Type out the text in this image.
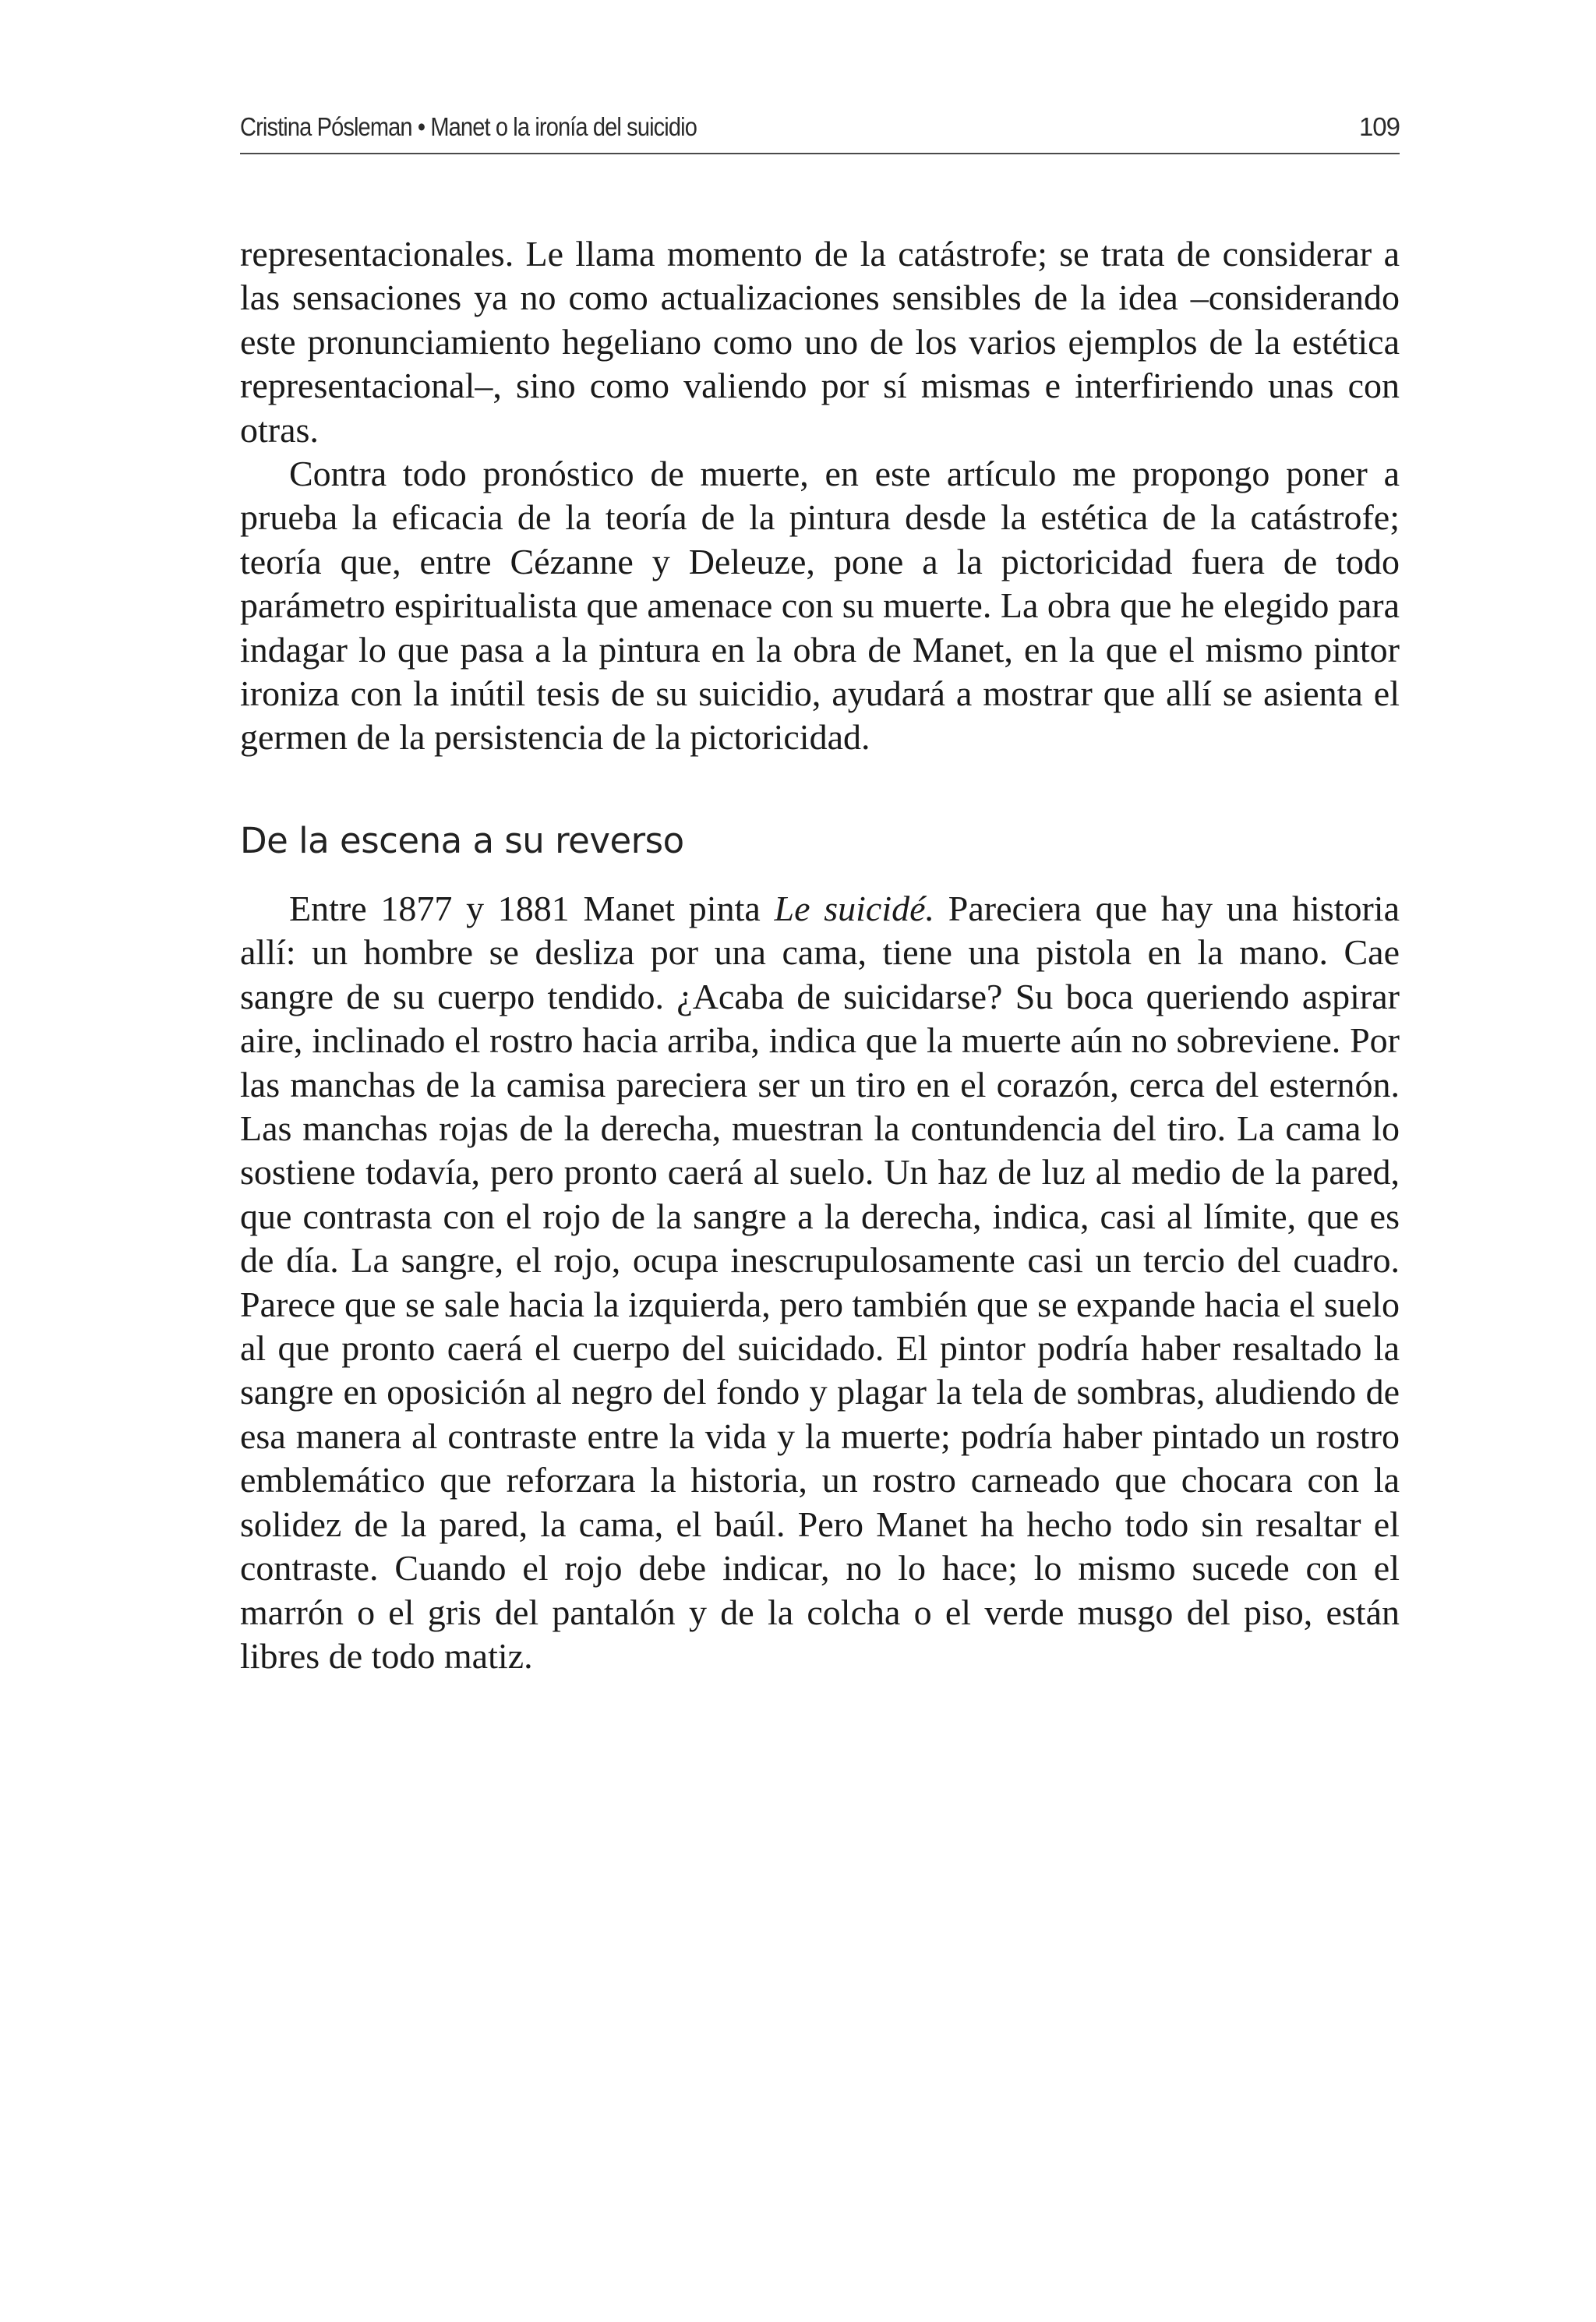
Cristina Pósleman • Manet o la ironía del suicidio	109

representacionales. Le llama momento de la catástrofe; se trata de considerar a las sensaciones ya no como actualizaciones sensibles de la idea –considerando este pronunciamiento hegeliano como uno de los varios ejemplos de la estética representacional–, sino como valiendo por sí mismas e interfiriendo unas con otras.

Contra todo pronóstico de muerte, en este artículo me propongo poner a prueba la eficacia de la teoría de la pintura desde la estética de la catástrofe; teoría que, entre Cézanne y Deleuze, pone a la pictoricidad fuera de todo parámetro espiritualista que amenace con su muerte. La obra que he elegido para indagar lo que pasa a la pintura en la obra de Manet, en la que el mismo pintor ironiza con la inútil tesis de su suicidio, ayudará a mostrar que allí se asienta el germen de la persistencia de la pictoricidad.

De la escena a su reverso

Entre 1877 y 1881 Manet pinta Le suicidé. Pareciera que hay una historia allí: un hombre se desliza por una cama, tiene una pistola en la mano. Cae sangre de su cuerpo tendido. ¿Acaba de suicidarse? Su boca queriendo aspirar aire, inclinado el rostro hacia arriba, indica que la muerte aún no sobreviene. Por las manchas de la camisa pareciera ser un tiro en el corazón, cerca del esternón. Las manchas rojas de la derecha, muestran la contundencia del tiro. La cama lo sostiene todavía, pero pronto caerá al suelo. Un haz de luz al medio de la pared, que contrasta con el rojo de la sangre a la derecha, indica, casi al límite, que es de día. La sangre, el rojo, ocupa inescrupulosamente casi un tercio del cuadro. Parece que se sale hacia la izquierda, pero también que se expande hacia el suelo al que pronto caerá el cuerpo del suicidado. El pintor podría haber resaltado la sangre en oposición al negro del fondo y plagar la tela de sombras, aludiendo de esa manera al contraste entre la vida y la muerte; podría haber pintado un rostro emblemático que reforzara la historia, un rostro carneado que chocara con la solidez de la pared, la cama, el baúl. Pero Manet ha hecho todo sin resaltar el contraste. Cuando el rojo debe indicar, no lo hace; lo mismo sucede con el marrón o el gris del pantalón y de la colcha o el verde musgo del piso, están libres de todo matiz.
